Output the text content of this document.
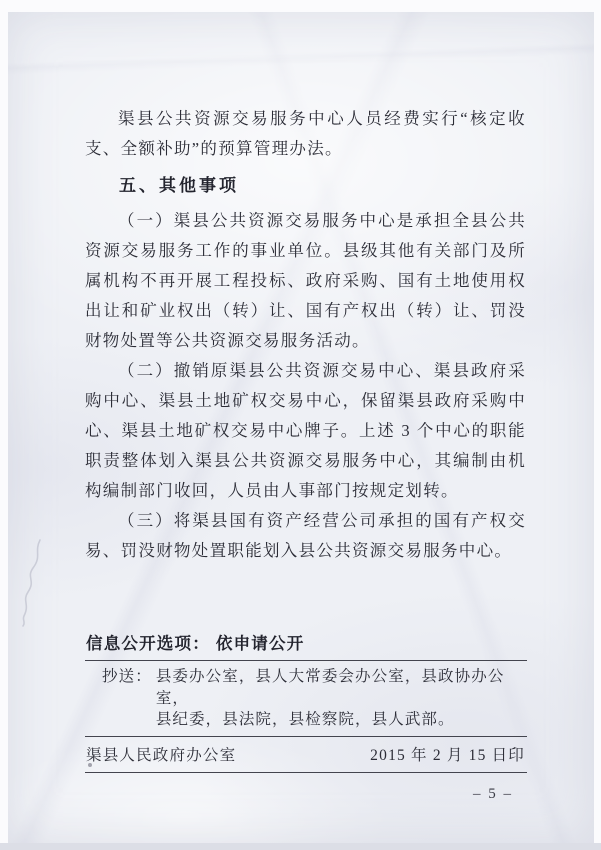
渠县公共资源交易服务中心人员经费实行“核定收支、全额补助”的预算管理办法。

五、其他事项

（一）渠县公共资源交易服务中心是承担全县公共资源交易服务工作的事业单位。县级其他有关部门及所属机构不再开展工程投标、政府采购、国有土地使用权出让和矿业权出（转）让、国有产权出（转）让、罚没财物处置等公共资源交易服务活动。

（二）撤销原渠县公共资源交易中心、渠县政府采购中心、渠县土地矿权交易中心，保留渠县政府采购中心、渠县土地矿权交易中心牌子。上述 3 个中心的职能职责整体划入渠县公共资源交易服务中心，其编制由机构编制部门收回，人员由人事部门按规定划转。

（三）将渠县国有资产经营公司承担的国有产权交易、罚没财物处置职能划入县公共资源交易服务中心。

信息公开选项： 依申请公开
抄送： 县委办公室，县人大常委会办公室，县政协办公室，
县纪委，县法院，县检察院，县人武部。
渠县人民政府办公室	2015 年 2 月 15 日印
– 5 –
